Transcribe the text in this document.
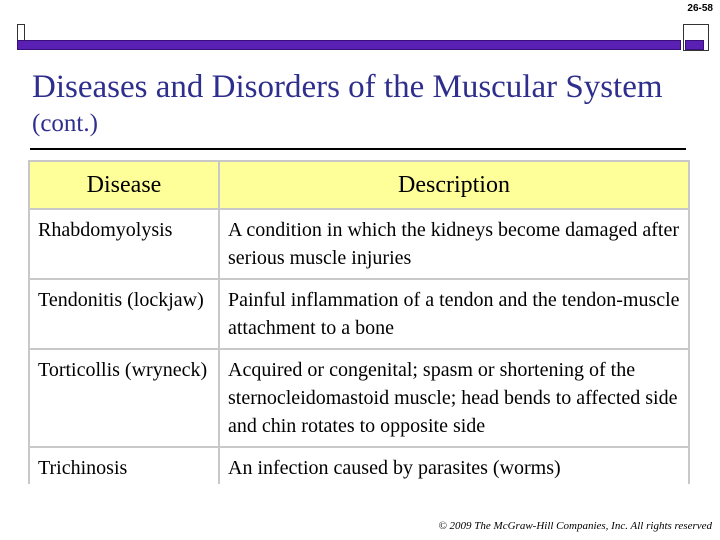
26-58
Diseases and Disorders of the Muscular System (cont.)
Disease	Description
Rhabdomyolysis	A condition in which the kidneys become damaged after serious muscle injuries
Tendonitis (lockjaw)	Painful inflammation of a tendon and the tendon-muscle attachment to a bone
Torticollis (wryneck)	Acquired or congenital; spasm or shortening of the sternocleidomastoid muscle; head bends to affected side and chin rotates to opposite side
Trichinosis	An infection caused by parasites (worms)
© 2009 The McGraw-Hill Companies, Inc. All rights reserved
